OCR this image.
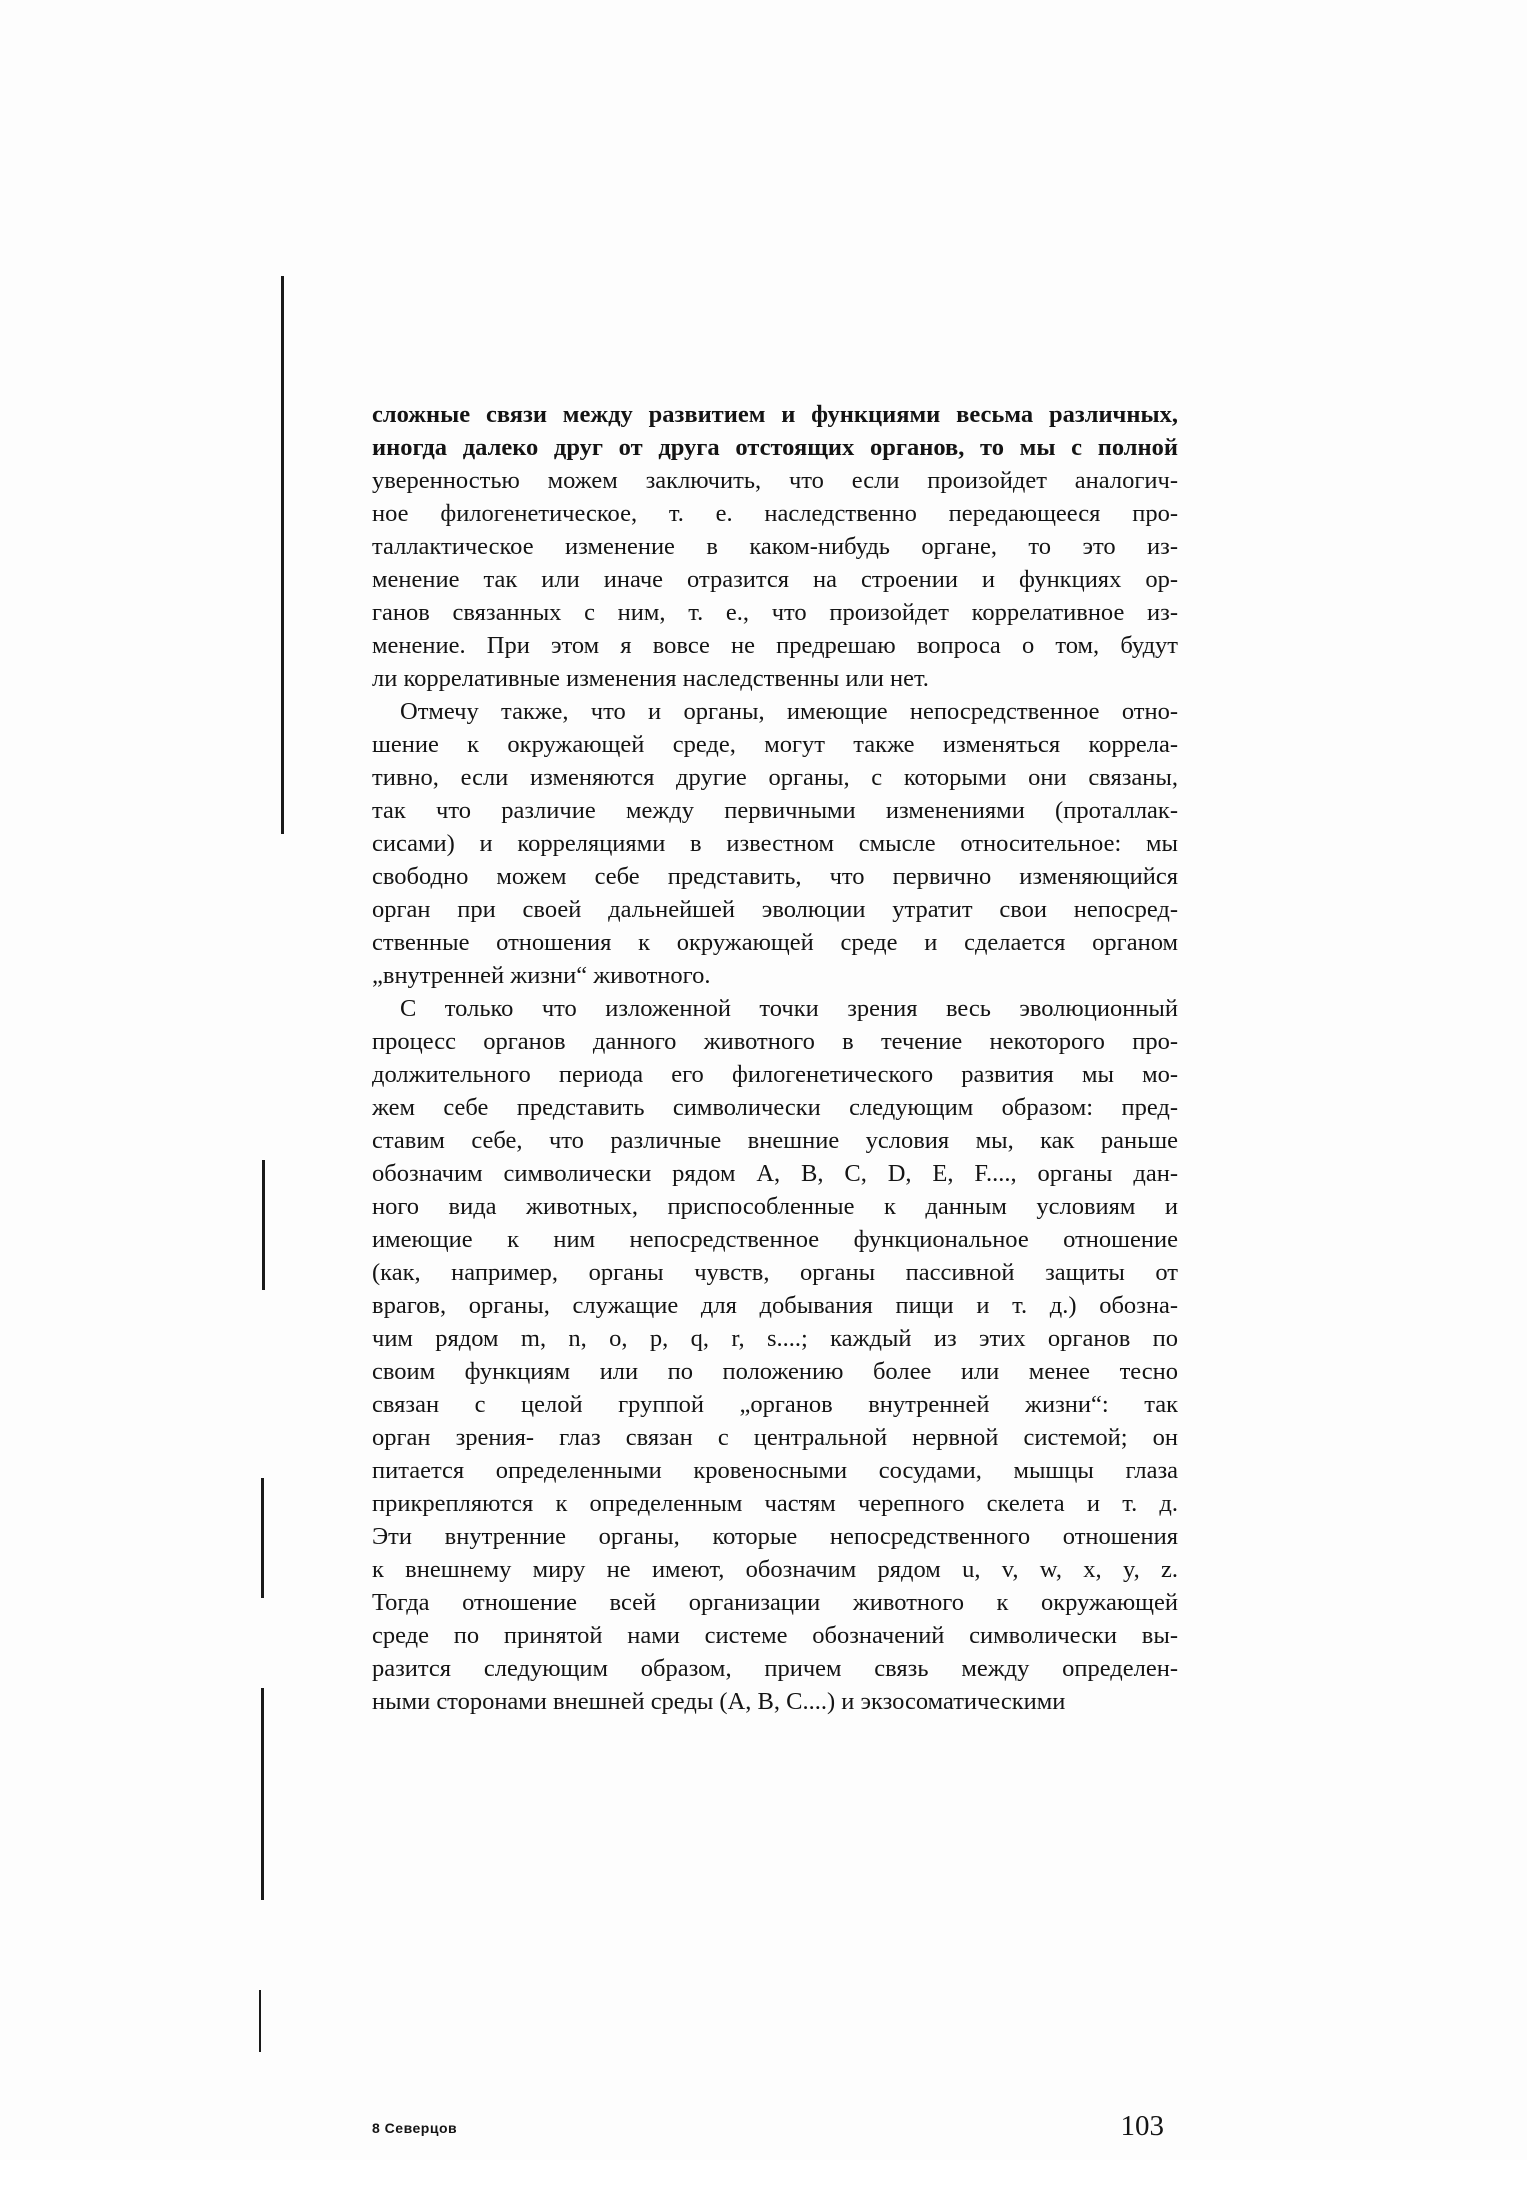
сложные связи между развитием и функциями весьма различных,
иногда далеко друг от друга отстоящих органов, то мы с полной
уверенностью можем заключить, что если произойдет аналогич-
ное филогенетическое, т. е. наследственно передающееся про-
таллактическое изменение в каком-нибудь органе, то это из-
менение так или иначе отразится на строении и функциях ор-
ганов связанных с ним, т. е., что произойдет коррелативное из-
менение. При этом я вовсе не предрешаю вопроса о том, будут
ли коррелативные изменения наследственны или нет.
Отмечу также, что и органы, имеющие непосредственное отно-
шение к окружающей среде, могут также изменяться коррела-
тивно, если изменяются другие органы, с которыми они связаны,
так что различие между первичными изменениями (проталлак-
сисами) и корреляциями в известном смысле относительное: мы
свободно можем себе представить, что первично изменяющийся
орган при своей дальнейшей эволюции утратит свои непосред-
ственные отношения к окружающей среде и сделается органом
„внутренней жизни“ животного.
С только что изложенной точки зрения весь эволюционный
процесс органов данного животного в течение некоторого про-
должительного периода его филогенетического развития мы мо-
жем себе представить символически следующим образом: пред-
ставим себе, что различные внешние условия мы, как раньше
обозначим символически рядом A, B, C, D, E, F...., органы дан-
ного вида животных, приспособленные к данным условиям и
имеющие к ним непосредственное функциональное отношение
(как, например, органы чувств, органы пассивной защиты от
врагов, органы, служащие для добывания пищи и т. д.) обозна-
чим рядом m, n, o, p, q, r, s....; каждый из этих органов по
своим функциям или по положению более или менее тесно
связан с целой группой „органов внутренней жизни“: так
орган зрения- глаз связан с центральной нервной системой; он
питается определенными кровеносными сосудами, мышцы глаза
прикрепляются к определенным частям черепного скелета и т. д.
Эти внутренние органы, которые непосредственного отношения
к внешнему миру не имеют, обозначим рядом u, v, w, x, y, z.
Тогда отношение всей организации животного к окружающей
среде по принятой нами системе обозначений символически вы-
разится следующим образом, причем связь между определен-
ными сторонами внешней среды (A, B, C....) и экзосоматическими
8 Северцов	103
